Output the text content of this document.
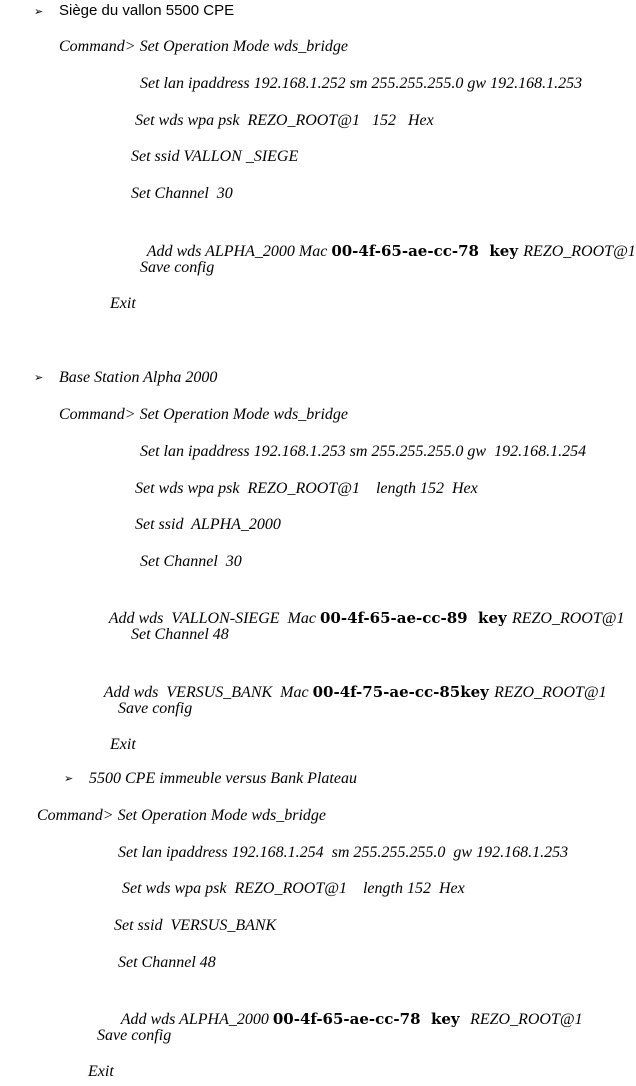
➢ Siège du vallon 5500 CPE
Command> Set Operation Mode wds_bridge
Set lan ipaddress 192.168.1.252 sm 255.255.255.0 gw 192.168.1.253
Set wds wpa psk  REZO_ROOT@1   152   Hex
Set ssid VALLON _SIEGE
Set Channel  30

Add wds ALPHA_2000 Mac 00-4f-65-ae-cc-78  key REZO_ROOT@1

Save config
Exit
➢ Base Station Alpha 2000
Command> Set Operation Mode wds_bridge
Set lan ipaddress 192.168.1.253 sm 255.255.255.0 gw  192.168.1.254
Set wds wpa psk  REZO_ROOT@1    length 152  Hex
Set ssid  ALPHA_2000
Set Channel  30

Add wds  VALLON-SIEGE  Mac 00-4f-65-ae-cc-89  key REZO_ROOT@1

Set Channel 48

Add wds  VERSUS_BANK  Mac 00-4f-75-ae-cc-85key REZO_ROOT@1

Save config
Exit
➢ 5500 CPE immeuble versus Bank Plateau
Command> Set Operation Mode wds_bridge
Set lan ipaddress 192.168.1.254  sm 255.255.255.0  gw 192.168.1.253
Set wds wpa psk  REZO_ROOT@1    length 152  Hex
Set ssid  VERSUS_BANK
Set Channel 48

Add wds ALPHA_2000 00-4f-65-ae-cc-78  key  REZO_ROOT@1

Save config
Exit
